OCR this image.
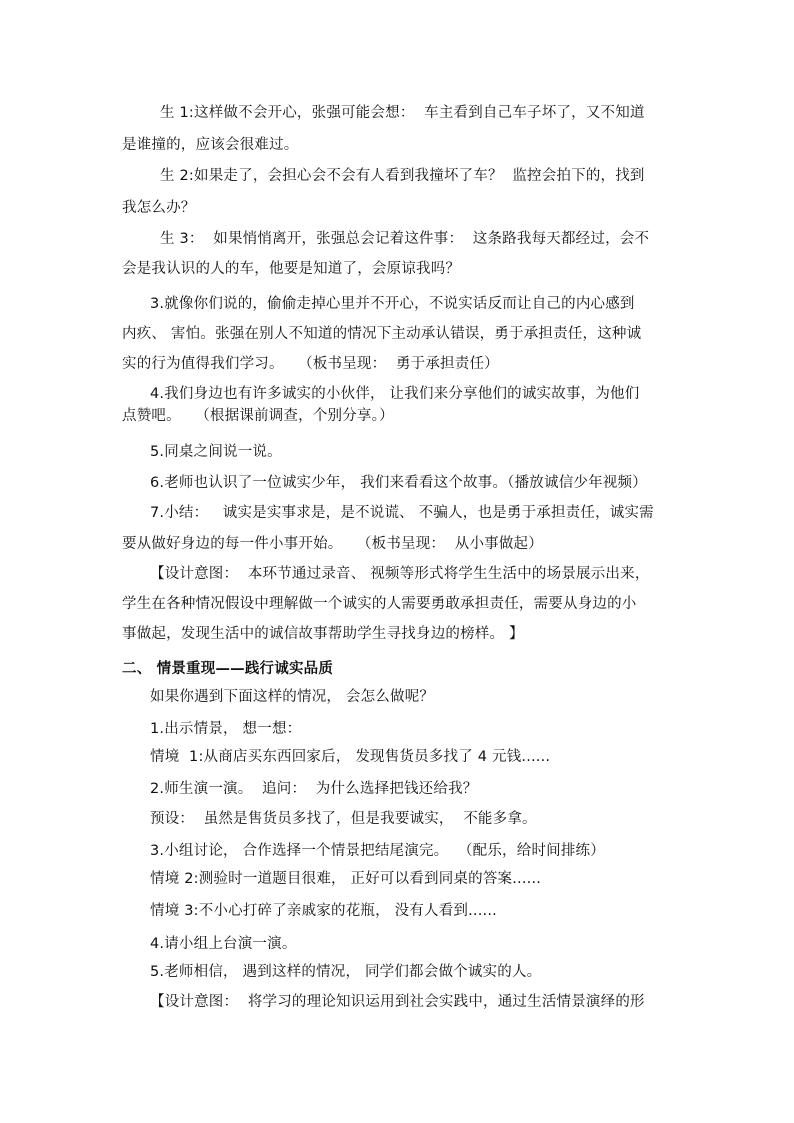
生 1:这样做不会开心，张强可能会想：  车主看到自己车子坏了，又不知道
是谁撞的，应该会很难过。
生 2:如果走了，会担心会不会有人看到我撞坏了车？  监控会拍下的，找到
我怎么办？
生 3：  如果悄悄离开，张强总会记着这件事：  这条路我每天都经过，会不
会是我认识的人的车，他要是知道了，会原谅我吗？
3.就像你们说的，偷偷走掉心里并不开心，不说实话反而让自己的内心感到
内疚、 害怕。张强在别人不知道的情况下主动承认错误，勇于承担责任，这种诚
实的行为值得我们学习。   （板书呈现：  勇于承担责任）
4.我们身边也有许多诚实的小伙伴， 让我们来分享他们的诚实故事，为他们
点赞吧。   （根据课前调查，个别分享。）
5.同桌之间说一说。
6.老师也认识了一位诚实少年， 我们来看看这个故事。（播放诚信少年视频）
7.小结：   诚实是实事求是，是不说谎、 不骗人，也是勇于承担责任，诚实需
要从做好身边的每一件小事开始。   （板书呈现：  从小事做起）
【设计意图：  本环节通过录音、 视频等形式将学生生活中的场景展示出来，
学生在各种情况假设中理解做一个诚实的人需要勇敢承担责任，需要从身边的小
事做起，发现生活中的诚信故事帮助学生寻找身边的榜样。 】
二、 情景重现——践行诚实品质
如果你遇到下面这样的情况， 会怎么做呢？
1.出示情景， 想一想：
情境  1:从商店买东西回家后， 发现售货员多找了 4 元钱......
2.师生演一演。  追问：  为什么选择把钱还给我？
预设：  虽然是售货员多找了，但是我要诚实，  不能多拿。
3.小组讨论， 合作选择一个情景把结尾演完。  （配乐，给时间排练）
情境 2:测验时一道题目很难， 正好可以看到同桌的答案......
情境 3:不小心打碎了亲戚家的花瓶， 没有人看到......
4.请小组上台演一演。
5.老师相信， 遇到这样的情况， 同学们都会做个诚实的人。
【设计意图：  将学习的理论知识运用到社会实践中，通过生活情景演绎的形
